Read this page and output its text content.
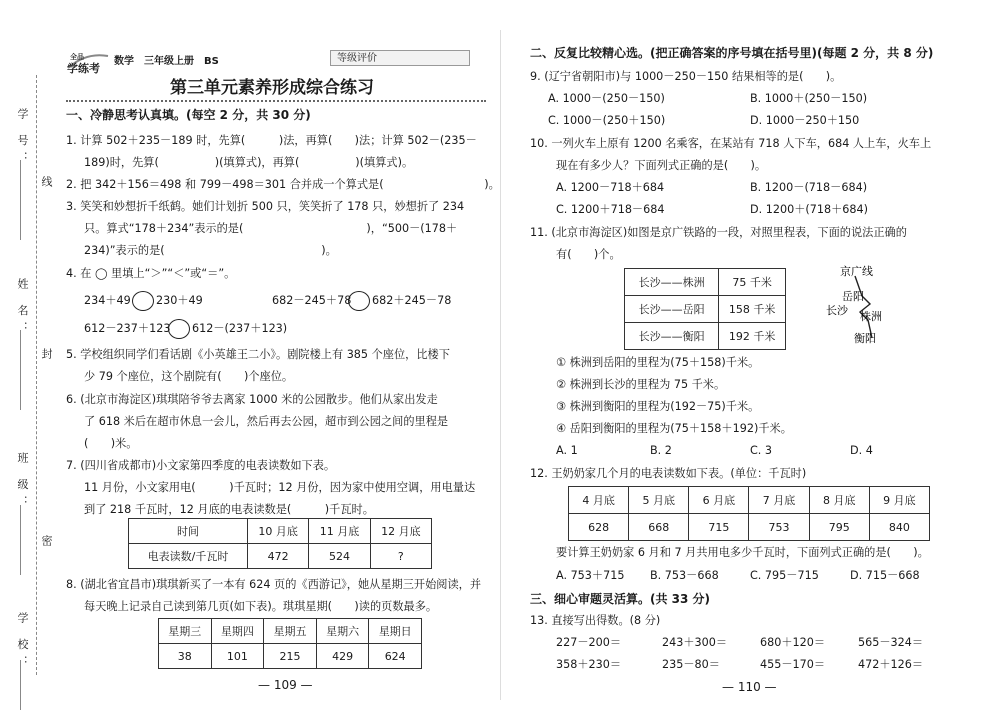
学 号：
线
姓 名：
封
班 级：
密
学 校：
全品
学练考
数学　三年级上册　BS	等级评价
第三单元素养形成综合练习
一、冷静思考认真填。(每空 2 分，共 30 分)
1. 计算 502＋235－189 时，先算(　　　)法，再算(　　)法；计算 502－(235－
189)时，先算(　　　　　)(填算式)，再算(　　　　　)(填算式)。
2. 把 342＋156＝498 和 799－498＝301 合并成一个算式是(　　　　　　　　　)。
3. 笑笑和妙想折千纸鹤。她们计划折 500 只，笑笑折了 178 只，妙想折了 234
只。算式“178＋234”表示的是(　　　　　　　　　　　)，“500－(178＋
234)”表示的是(　　　　　　　　　　　　　　)。
4. 在 ◯ 里填上“＞”“＜”或“＝”。
234＋49 230＋49	682－245＋78 682＋245－78
612－237＋123 612－(237＋123)
5. 学校组织同学们看话剧《小英雄王二小》。剧院楼上有 385 个座位，比楼下
少 79 个座位，这个剧院有(　　)个座位。
6. (北京市海淀区)琪琪陪爷爷去离家 1000 米的公园散步。他们从家出发走
了 618 米后在超市休息一会儿，然后再去公园，超市到公园之间的里程是
(　　)米。
7. (四川省成都市)小文家第四季度的电表读数如下表。
11 月份，小文家用电(　　　)千瓦时；12 月份，因为家中使用空调，用电量达
到了 218 千瓦时，12 月底的电表读数是(　　　)千瓦时。
时间	10 月底	11 月底	12 月底
电表读数/千瓦时	472	524	?
8. (湖北省宜昌市)琪琪新买了一本有 624 页的《西游记》，她从星期三开始阅读，并
每天晚上记录自己读到第几页(如下表)。琪琪星期(　　)读的页数最多。
星期三	星期四	星期五	星期六	星期日
38	101	215	429	624
— 109 —
二、反复比较精心选。(把正确答案的序号填在括号里)(每题 2 分，共 8 分)
9. (辽宁省朝阳市)与 1000－250－150 结果相等的是(　　)。
A. 1000－(250－150)	B. 1000＋(250－150)
C. 1000－(250＋150)	D. 1000－250＋150
10. 一列火车上原有 1200 名乘客，在某站有 718 人下车，684 人上车，火车上
现在有多少人？下面列式正确的是(　　)。
A. 1200－718＋684	B. 1200－(718－684)
C. 1200＋718－684	D. 1200＋(718＋684)
11. (北京市海淀区)如图是京广铁路的一段，对照里程表，下面的说法正确的
有(　　)个。
长沙——株洲	75 千米
长沙——岳阳	158 千米
长沙——衡阳	192 千米
京广线
岳阳
长沙 株洲
衡阳
① 株洲到岳阳的里程为(75＋158)千米。
② 株洲到长沙的里程为 75 千米。
③ 株洲到衡阳的里程为(192－75)千米。
④ 岳阳到衡阳的里程为(75＋158＋192)千米。
A. 1	B. 2	C. 3	D. 4
12. 王奶奶家几个月的电表读数如下表。(单位：千瓦时)
4 月底	5 月底	6 月底	7 月底	8 月底	9 月底
628	668	715	753	795	840
要计算王奶奶家 6 月和 7 月共用电多少千瓦时，下面列式正确的是(　　)。
A. 753＋715 B. 753－668	C. 795－715	D. 715－668
三、细心审题灵活算。(共 33 分)
13. 直接写出得数。(8 分)
227－200＝	243＋300＝	680＋120＝	565－324＝
358＋230＝	235－80＝	455－170＝	472＋126＝
— 110 —
